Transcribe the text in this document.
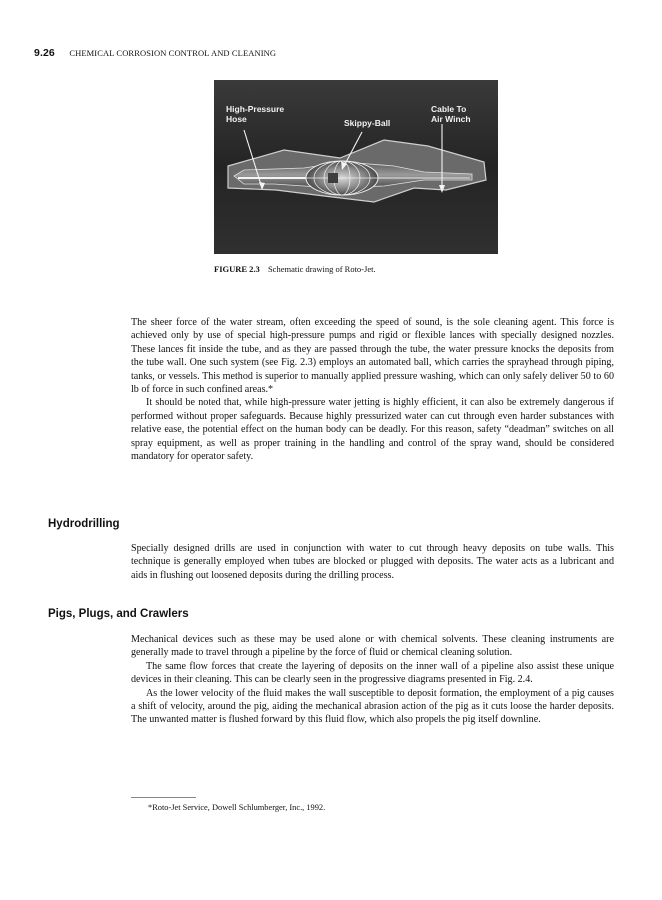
9.26 CHEMICAL CORROSION CONTROL AND CLEANING
High-Pressure
Hose	Skippy-Ball
Cable To
Air Winch
FIGURE 2.3 Schematic drawing of Roto-Jet.

The sheer force of the water stream, often exceeding the speed of sound, is the sole cleaning agent. This force is achieved only by use of special high-pressure pumps and rigid or flexible lances with specially designed nozzles. These lances fit inside the tube, and as they are passed through the tube, the water pressure knocks the deposits from the tube wall. One such system (see Fig. 2.3) employs an automated ball, which carries the sprayhead through piping, tanks, or vessels. This method is superior to manually applied pressure washing, which can only safely deliver 50 to 60 lb of force in such confined areas.*

It should be noted that, while high-pressure water jetting is highly efficient, it can also be extremely dangerous if performed without proper safeguards. Because highly pressurized water can cut through even harder substances with relative ease, the potential effect on the human body can be deadly. For this reason, safety “deadman” switches on all spray equipment, as well as proper training in the handling and control of the spray wand, should be considered mandatory for operator safety.

Hydrodrilling

Specially designed drills are used in conjunction with water to cut through heavy deposits on tube walls. This technique is generally employed when tubes are blocked or plugged with deposits. The water acts as a lubricant and aids in flushing out loosened deposits during the drilling process.

Pigs, Plugs, and Crawlers

Mechanical devices such as these may be used alone or with chemical solvents. These cleaning instruments are generally made to travel through a pipeline by the force of fluid or chemical cleaning solution.

The same flow forces that create the layering of deposits on the inner wall of a pipeline also assist these unique devices in their cleaning. This can be clearly seen in the progressive diagrams presented in Fig. 2.4.

As the lower velocity of the fluid makes the wall susceptible to deposit formation, the employment of a pig causes a shift of velocity, around the pig, aiding the mechanical abrasion action of the pig as it cuts loose the harder deposits. The unwanted matter is flushed forward by this fluid flow, which also propels the pig itself downline.

*Roto-Jet Service, Dowell Schlumberger, Inc., 1992.
